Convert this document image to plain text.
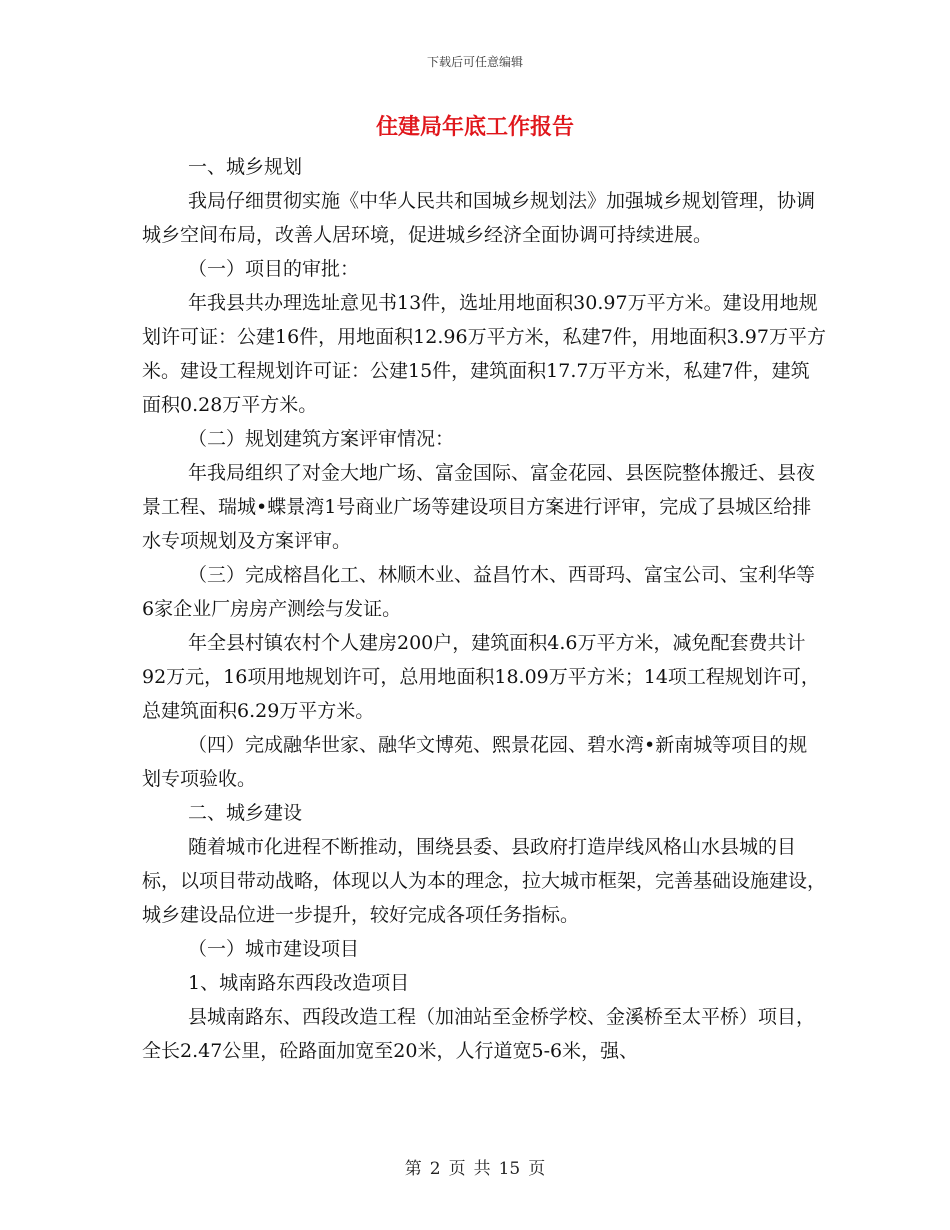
下载后可任意编辑
住建局年底工作报告

一、城乡规划

我局仔细贯彻实施《中华人民共和国城乡规划法》加强城乡规划管理，协调城乡空间布局，改善人居环境，促进城乡经济全面协调可持续进展。

（一）项目的审批：

年我县共办理选址意见书13件，选址用地面积30.97万平方米。建设用地规划许可证：公建16件，用地面积12.96万平方米，私建7件，用地面积3.97万平方米。建设工程规划许可证：公建15件，建筑面积17.7万平方米，私建7件，建筑面积0.28万平方米。

（二）规划建筑方案评审情况：

年我局组织了对金大地广场、富金国际、富金花园、县医院整体搬迁、县夜景工程、瑞城•蝶景湾1号商业广场等建设项目方案进行评审，完成了县城区给排水专项规划及方案评审。

（三）完成榕昌化工、林顺木业、益昌竹木、西哥玛、富宝公司、宝利华等6家企业厂房房产测绘与发证。

年全县村镇农村个人建房200户，建筑面积4.6万平方米，减免配套费共计92万元，16项用地规划许可，总用地面积18.09万平方米；14项工程规划许可，总建筑面积6.29万平方米。

（四）完成融华世家、融华文博苑、熙景花园、碧水湾•新南城等项目的规划专项验收。

二、城乡建设

随着城市化进程不断推动，围绕县委、县政府打造岸线风格山水县城的目标，以项目带动战略，体现以人为本的理念，拉大城市框架，完善基础设施建设，城乡建设品位进一步提升，较好完成各项任务指标。

（一）城市建设项目

1、城南路东西段改造项目

县城南路东、西段改造工程（加油站至金桥学校、金溪桥至太平桥）项目，全长2.47公里，砼路面加宽至20米，人行道宽5-6米，强、

第 2 页 共 15 页
